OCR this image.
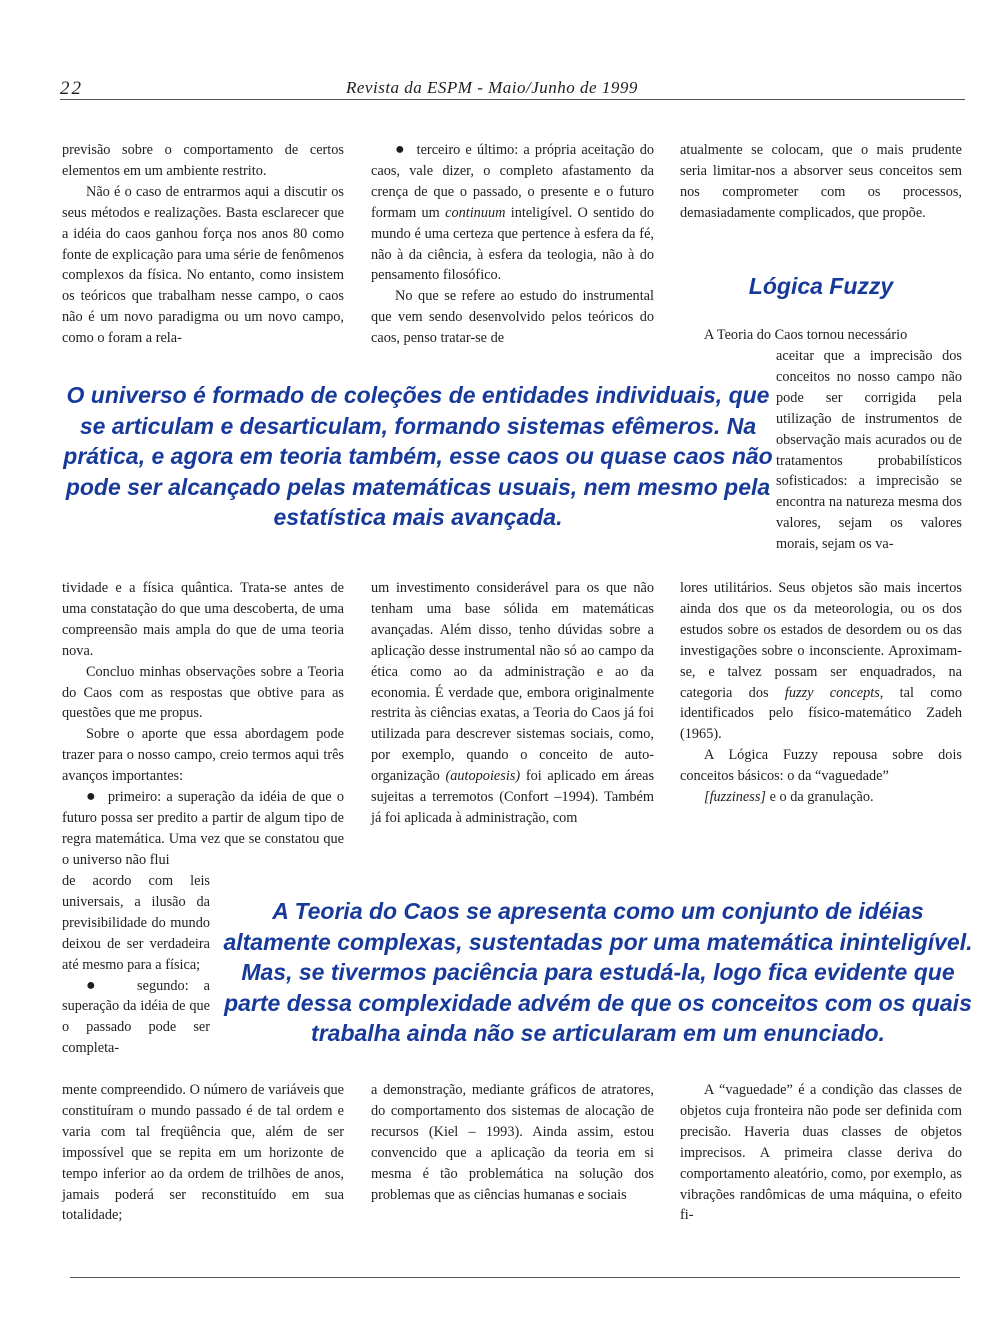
22	Revista da ESPM - Maio/Junho de 1999

previsão sobre o comportamento de certos elementos em um ambiente restrito.

Não é o caso de entrarmos aqui a discutir os seus métodos e realizações. Basta esclarecer que a idéia do caos ganhou força nos anos 80 como fonte de explicação para uma série de fenômenos complexos da física. No entanto, como insistem os teóricos que trabalham nesse campo, o caos não é um novo paradigma ou um novo campo, como o foram a rela-

● terceiro e último: a própria aceitação do caos, vale dizer, o completo afastamento da crença de que o passado, o presente e o futuro formam um continuum inteligível. O sentido do mundo é uma certeza que pertence à esfera da fé, não à da ciência, à esfera da teologia, não à do pensamento filosófico.

No que se refere ao estudo do instrumental que vem sendo desenvolvido pelos teóricos do caos, penso tratar-se de

atualmente se colocam, que o mais prudente seria limitar-nos a absorver seus conceitos sem nos comprometer com os processos, demasiadamente complicados, que propõe.

Lógica Fuzzy

A Teoria do Caos tornou necessário

aceitar que a imprecisão dos conceitos no nosso campo não pode ser corrigida pela utilização de instrumentos de observação mais acurados ou de tratamentos probabilísticos sofisticados: a imprecisão se encontra na natureza mesma dos valores, sejam os valores morais, sejam os va-

O universo é formado de coleções de entidades individuais, que se articulam e desarticulam, formando sistemas efêmeros. Na prática, e agora em teoria também, esse caos ou quase caos não pode ser alcançado pelas matemáticas usuais, nem mesmo pela estatística mais avançada.

tividade e a física quântica. Trata-se antes de uma constatação do que uma descoberta, de uma compreensão mais ampla do que de uma teoria nova.

Concluo minhas observações sobre a Teoria do Caos com as respostas que obtive para as questões que me propus.

Sobre o aporte que essa abordagem pode trazer para o nosso campo, creio termos aqui três avanços importantes:

● primeiro: a superação da idéia de que o futuro possa ser predito a partir de algum tipo de regra matemática. Uma vez que se constatou que o universo não flui

de acordo com leis universais, a ilusão da previsibilidade do mundo deixou de ser verdadeira até mesmo para a física;

● segundo: a superação da idéia de que o passado pode ser completa-

um investimento considerável para os que não tenham uma base sólida em matemáticas avançadas. Além disso, tenho dúvidas sobre a aplicação desse instrumental não só ao campo da ética como ao da administração e ao da economia. É verdade que, embora originalmente restrita às ciências exatas, a Teoria do Caos já foi utilizada para descrever sistemas sociais, como, por exemplo, quando o conceito de auto-organização (autopoiesis) foi aplicado em áreas sujeitas a terremotos (Confort –1994). Também já foi aplicada à administração, com

lores utilitários. Seus objetos são mais incertos ainda dos que os da meteorologia, ou os dos estudos sobre os estados de desordem ou os das investigações sobre o inconsciente. Aproximam-se, e talvez possam ser enquadrados, na categoria dos fuzzy concepts, tal como identificados pelo físico-matemático Zadeh (1965).

A Lógica Fuzzy repousa sobre dois conceitos básicos: o da “vaguedade”

[fuzziness] e o da granulação.

A Teoria do Caos se apresenta como um conjunto de idéias altamente complexas, sustentadas por uma matemática ininteligível. Mas, se tivermos paciência para estudá-la, logo fica evidente que parte dessa complexidade advém de que os conceitos com os quais trabalha ainda não se articularam em um enunciado.

mente compreendido. O número de variáveis que constituíram o mundo passado é de tal ordem e varia com tal freqüência que, além de ser impossível que se repita em um horizonte de tempo inferior ao da ordem de trilhões de anos, jamais poderá ser reconstituído em sua totalidade;

a demonstração, mediante gráficos de atratores, do comportamento dos sistemas de alocação de recursos (Kiel – 1993). Ainda assim, estou convencido que a aplicação da teoria em si mesma é tão problemática na solução dos problemas que as ciências humanas e sociais

A “vaguedade” é a condição das classes de objetos cuja fronteira não pode ser definida com precisão. Haveria duas classes de objetos imprecisos. A primeira classe deriva do comportamento aleatório, como, por exemplo, as vibrações randômicas de uma máquina, o efeito fi-
